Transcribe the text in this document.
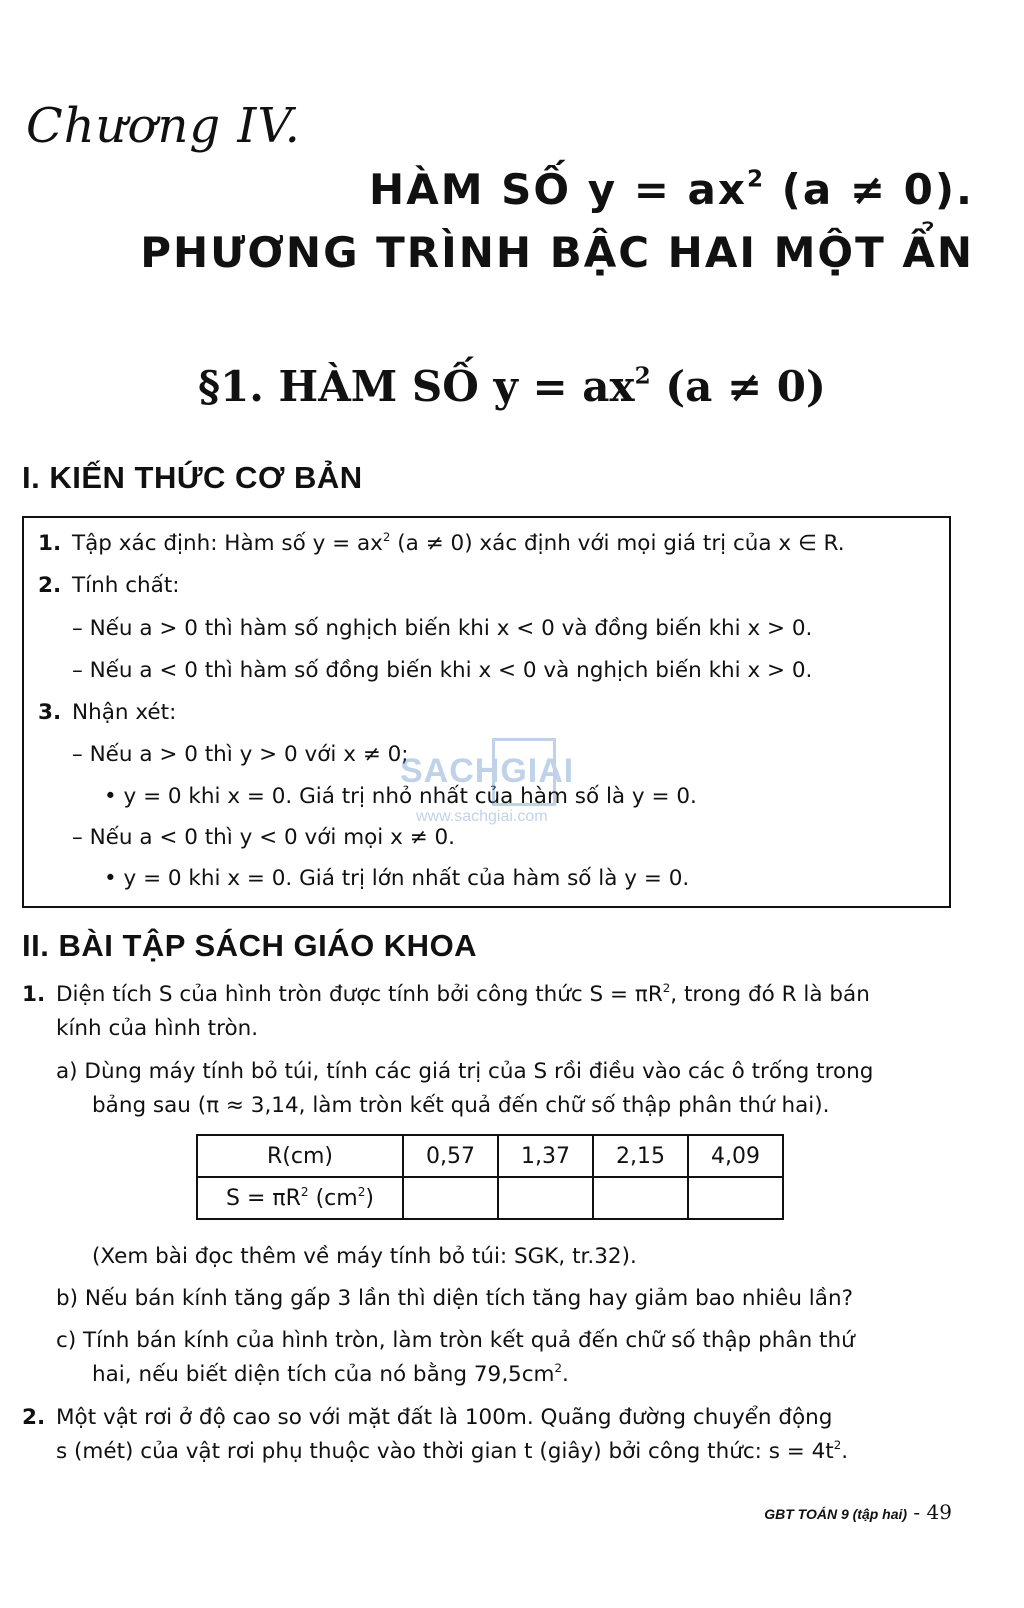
Chương IV.
HÀM SỐ $y = ax^2$ (a ≠ 0).
PHƯƠNG TRÌNH BẬC HAI MỘT ẨN
§1. HÀM SỐ $y = ax^2$ (a ≠ 0)
I. KIẾN THỨC CƠ BẢN
1. Tập xác định: Hàm số $y = ax^2$ (a ≠ 0) xác định với mọi giá trị của x ∈ R.
2. Tính chất:
– Nếu a > 0 thì hàm số nghịch biến khi x < 0 và đồng biến khi x > 0.
– Nếu a < 0 thì hàm số đồng biến khi x < 0 và nghịch biến khi x > 0.
3. Nhận xét:
– Nếu a > 0 thì y > 0 với x ≠ 0;
• y = 0 khi x = 0. Giá trị nhỏ nhất của hàm số là y = 0.
– Nếu a < 0 thì y < 0 với mọi x ≠ 0.
• y = 0 khi x = 0. Giá trị lớn nhất của hàm số là y = 0.
SACHGIAI
www.sachgiai.com
II. BÀI TẬP SÁCH GIÁO KHOA
1. Diện tích S của hình tròn được tính bởi công thức $S = \pi R^2$, trong đó R là bán
kính của hình tròn.
a) Dùng máy tính bỏ túi, tính các giá trị của S rồi điều vào các ô trống trong
bảng sau (π ≈ 3,14, làm tròn kết quả đến chữ số thập phân thứ hai).
R(cm)	0,57	1,37	2,15	4,09
$S = \pi R^2$ $(cm^2)$				
(Xem bài đọc thêm về máy tính bỏ túi: SGK, tr.32).
b) Nếu bán kính tăng gấp 3 lần thì diện tích tăng hay giảm bao nhiêu lần?
c) Tính bán kính của hình tròn, làm tròn kết quả đến chữ số thập phân thứ
hai, nếu biết diện tích của nó bằng $79,5cm^2$.
2. Một vật rơi ở độ cao so với mặt đất là 100m. Quãng đường chuyển động
s (mét) của vật rơi phụ thuộc vào thời gian t (giây) bởi công thức: $s = 4t^2$.
GBT TOÁN 9 (tập hai) - 49
